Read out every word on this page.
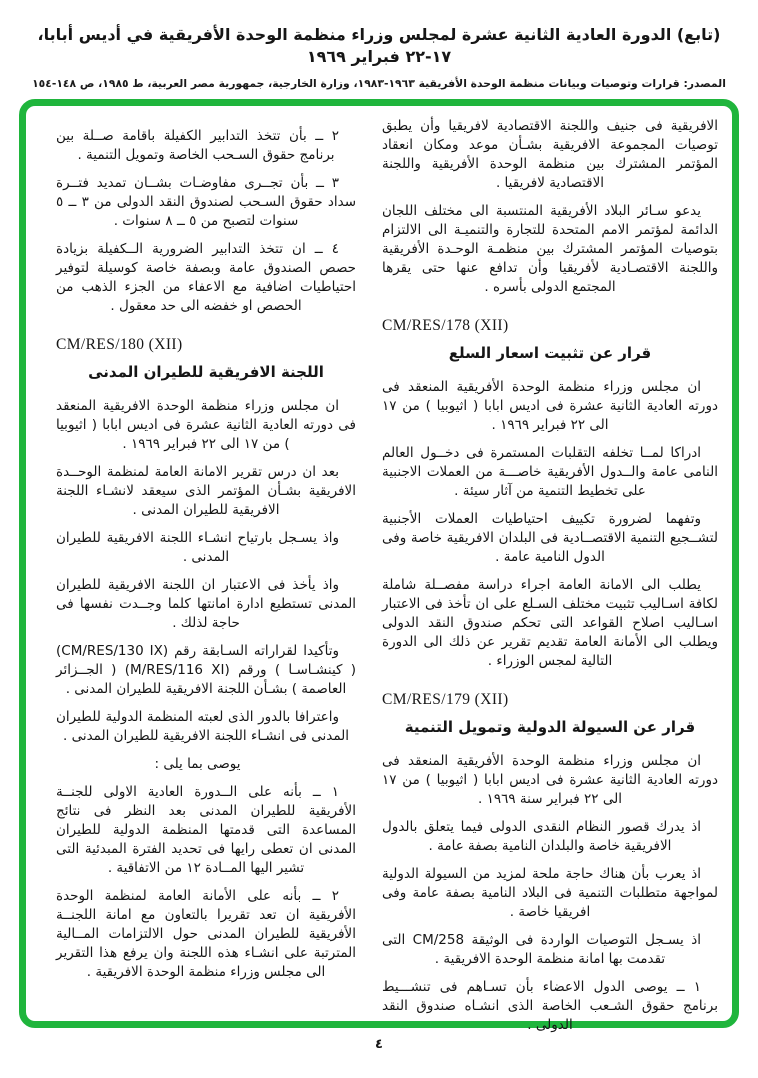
(تابع) الدورة العادية الثانية عشرة لمجلس وزراء منظمة الوحدة الأفريقية في أديس أبابا، ١٧-٢٢ فبراير ١٩٦٩
المصدر: قرارات وتوصيات وبيانات منظمة الوحدة الأفريقية ١٩٦٣-١٩٨٣، وزارة الخارجية، جمهورية مصر العربية، ط ١٩٨٥، ص ١٤٨-١٥٤
الافريقية فى جنيف واللجنة الاقتصادية لافريقيا وأن يطبق توصيات المجموعة الافريقية بشـأن موعد ومكان انعقاد المؤتمر المشترك بين منظمة الوحدة الأفريقية واللجنة الاقتصادية لافريقيا .
يدعو سـائر البلاد الأفريقية المنتسبة الى مختلف اللجان الدائمة لمؤتمر الامم المتحدة للتجارة والتنميـة الى الالتزام بتوصيات المؤتمر المشترك بين منظمـة الوحـدة الأفريقية واللجنة الاقتصـادية لأفريقيا وأن تدافع عنها حتى يقرها المجتمع الدولى بأسره .
CM/RES/178 (XII)
قرار عن تثبيت اسعار السلع
ان مجلس وزراء منظمة الوحدة الأفريقية المنعقد فى دورته العادية الثانية عشرة فى اديس ابابا ( اثيوبيا ) من ١٧ الى ٢٢ فبراير ١٩٦٩ .
ادراكا لمــا تخلفه التقلبات المستمرة فى دخــول العالم النامى عامة والــدول الأفريقية خاصـــة من العملات الاجنبية على تخطيط التنمية من آثار سيئة .
وتفهما لضرورة تكييف احتياطيات العملات الأجنبية لتشــجيع التنمية الاقتصــادية فى البلدان الافريقية خاصة وفى الدول النامية عامة .
يطلب الى الامانة العامة اجراء دراسة مفصــلة شاملة لكافة اسـاليب تثبيت مختلف السـلع على ان تأخذ فى الاعتبار اسـاليب اصلاح القواعد التى تحكم صندوق النقد الدولى ويطلب الى الأمانة العامة تقديم تقرير عن ذلك الى الدورة التالية لمجس الوزراء .
CM/RES/179 (XII)
قرار عن السيولة الدولية وتمويل التنمية
ان مجلس وزراء منظمة الوحدة الأفريقية المنعقد فى دورته العادية الثانية عشرة فى اديس ابابا ( اثيوبيا ) من ١٧ الى ٢٢ فبراير سنة ١٩٦٩ .
اذ يدرك قصور النظام النقدى الدولى فيما يتعلق بالدول الافريقية خاصة والبلدان النامية بصفة عامة .
اذ يعرب بأن هناك حاجة ملحة لمزيد من السيولة الدولية لمواجهة متطلبات التنمية فى البلاد النامية بصفة عامة وفى افريقيا خاصة .
اذ يسـجل التوصيات الواردة فى الوثيقة CM/258 التى تقدمت بها امانة منظمة الوحدة الافريقية .
١ ــ يوصى الدول الاعضاء بأن تسـاهم فى تنشـــيط برنامج حقوق الشـعب الخاصة الذى انشـاه صندوق النقد الدولى .
٢ ــ بأن تتخذ التدابير الكفيلة باقامة صــلة بين برنامج حقوق السـحب الخاصة وتمويل التنمية .
٣ ــ بأن تجــرى مفاوضـات بشــان تمديد فتــرة سداد حقوق السـحب لصندوق النقد الدولى من ٣ ــ ٥ سنوات لتصبح من ٥ ــ ٨ سنوات .
٤ ــ ان تتخذ التدابير الضرورية الــكفيلة بزيادة حصص الصندوق عامة وبصفة خاصة كوسيلة لتوفير احتياطيات اضافية مع الاعفاء من الجزء الذهب من الحصص او خفضه الى حد معقول .
CM/RES/180 (XII)
اللجنة الافريقية للطيران المدنى
ان مجلس وزراء منظمة الوحدة الافريقية المنعقد فى دورته العادية الثانية عشرة فى اديس ابابا ( اثيوبيا ) من ١٧ الى ٢٢ فبراير ١٩٦٩ .
بعد ان درس تقرير الامانة العامة لمنظمة الوحــدة الافريقية بشـأن المؤتمر الذى سيعقد لانشـاء اللجنة الافريقية للطيران المدنى .
واذ يسـجل بارتياح انشـاء اللجنة الافريقية للطيران المدنى .
واذ يأخذ فى الاعتبار ان اللجنة الافريقية للطيران المدنى تستطيع ادارة امانتها كلما وجــدت نفسها فى حاجة لذلك .
وتأكيدا لقراراته السـابقة رقم (CM/RES/130 IX) ( كينشـاسـا ) ورقم (M/RES/116 XI) ( الجــزائر العاصمة ) بشـأن اللجنة الافريقية للطيران المدنى .
واعترافا بالدور الذى لعبته المنظمة الدولية للطيران المدنى فى انشـاء اللجنة الافريقية للطيران المدنى .
يوصى بما يلى :
١ ــ بأنه على الــدورة العادية الاولى للجنــة الأفريقية للطيران المدنى بعد النظر فى نتائج المساعدة التى قدمتها المنظمة الدولية للطيران المدنى ان تعطى رايها فى تحديد الفترة المبدئية التى تشير اليها المــادة ١٢ من الاتفاقية .
٢ ــ بأنه على الأمانة العامة لمنظمة الوحدة الأفريقية ان تعد تقريرا بالتعاون مع امانة اللجنــة الأفريقية للطيران المدنى حول الالتزامات المــالية المترتبة على انشـاء هذه اللجنة وان يرفع هذا التقرير الى مجلس وزراء منظمة الوحدة الافريقية .
٤
